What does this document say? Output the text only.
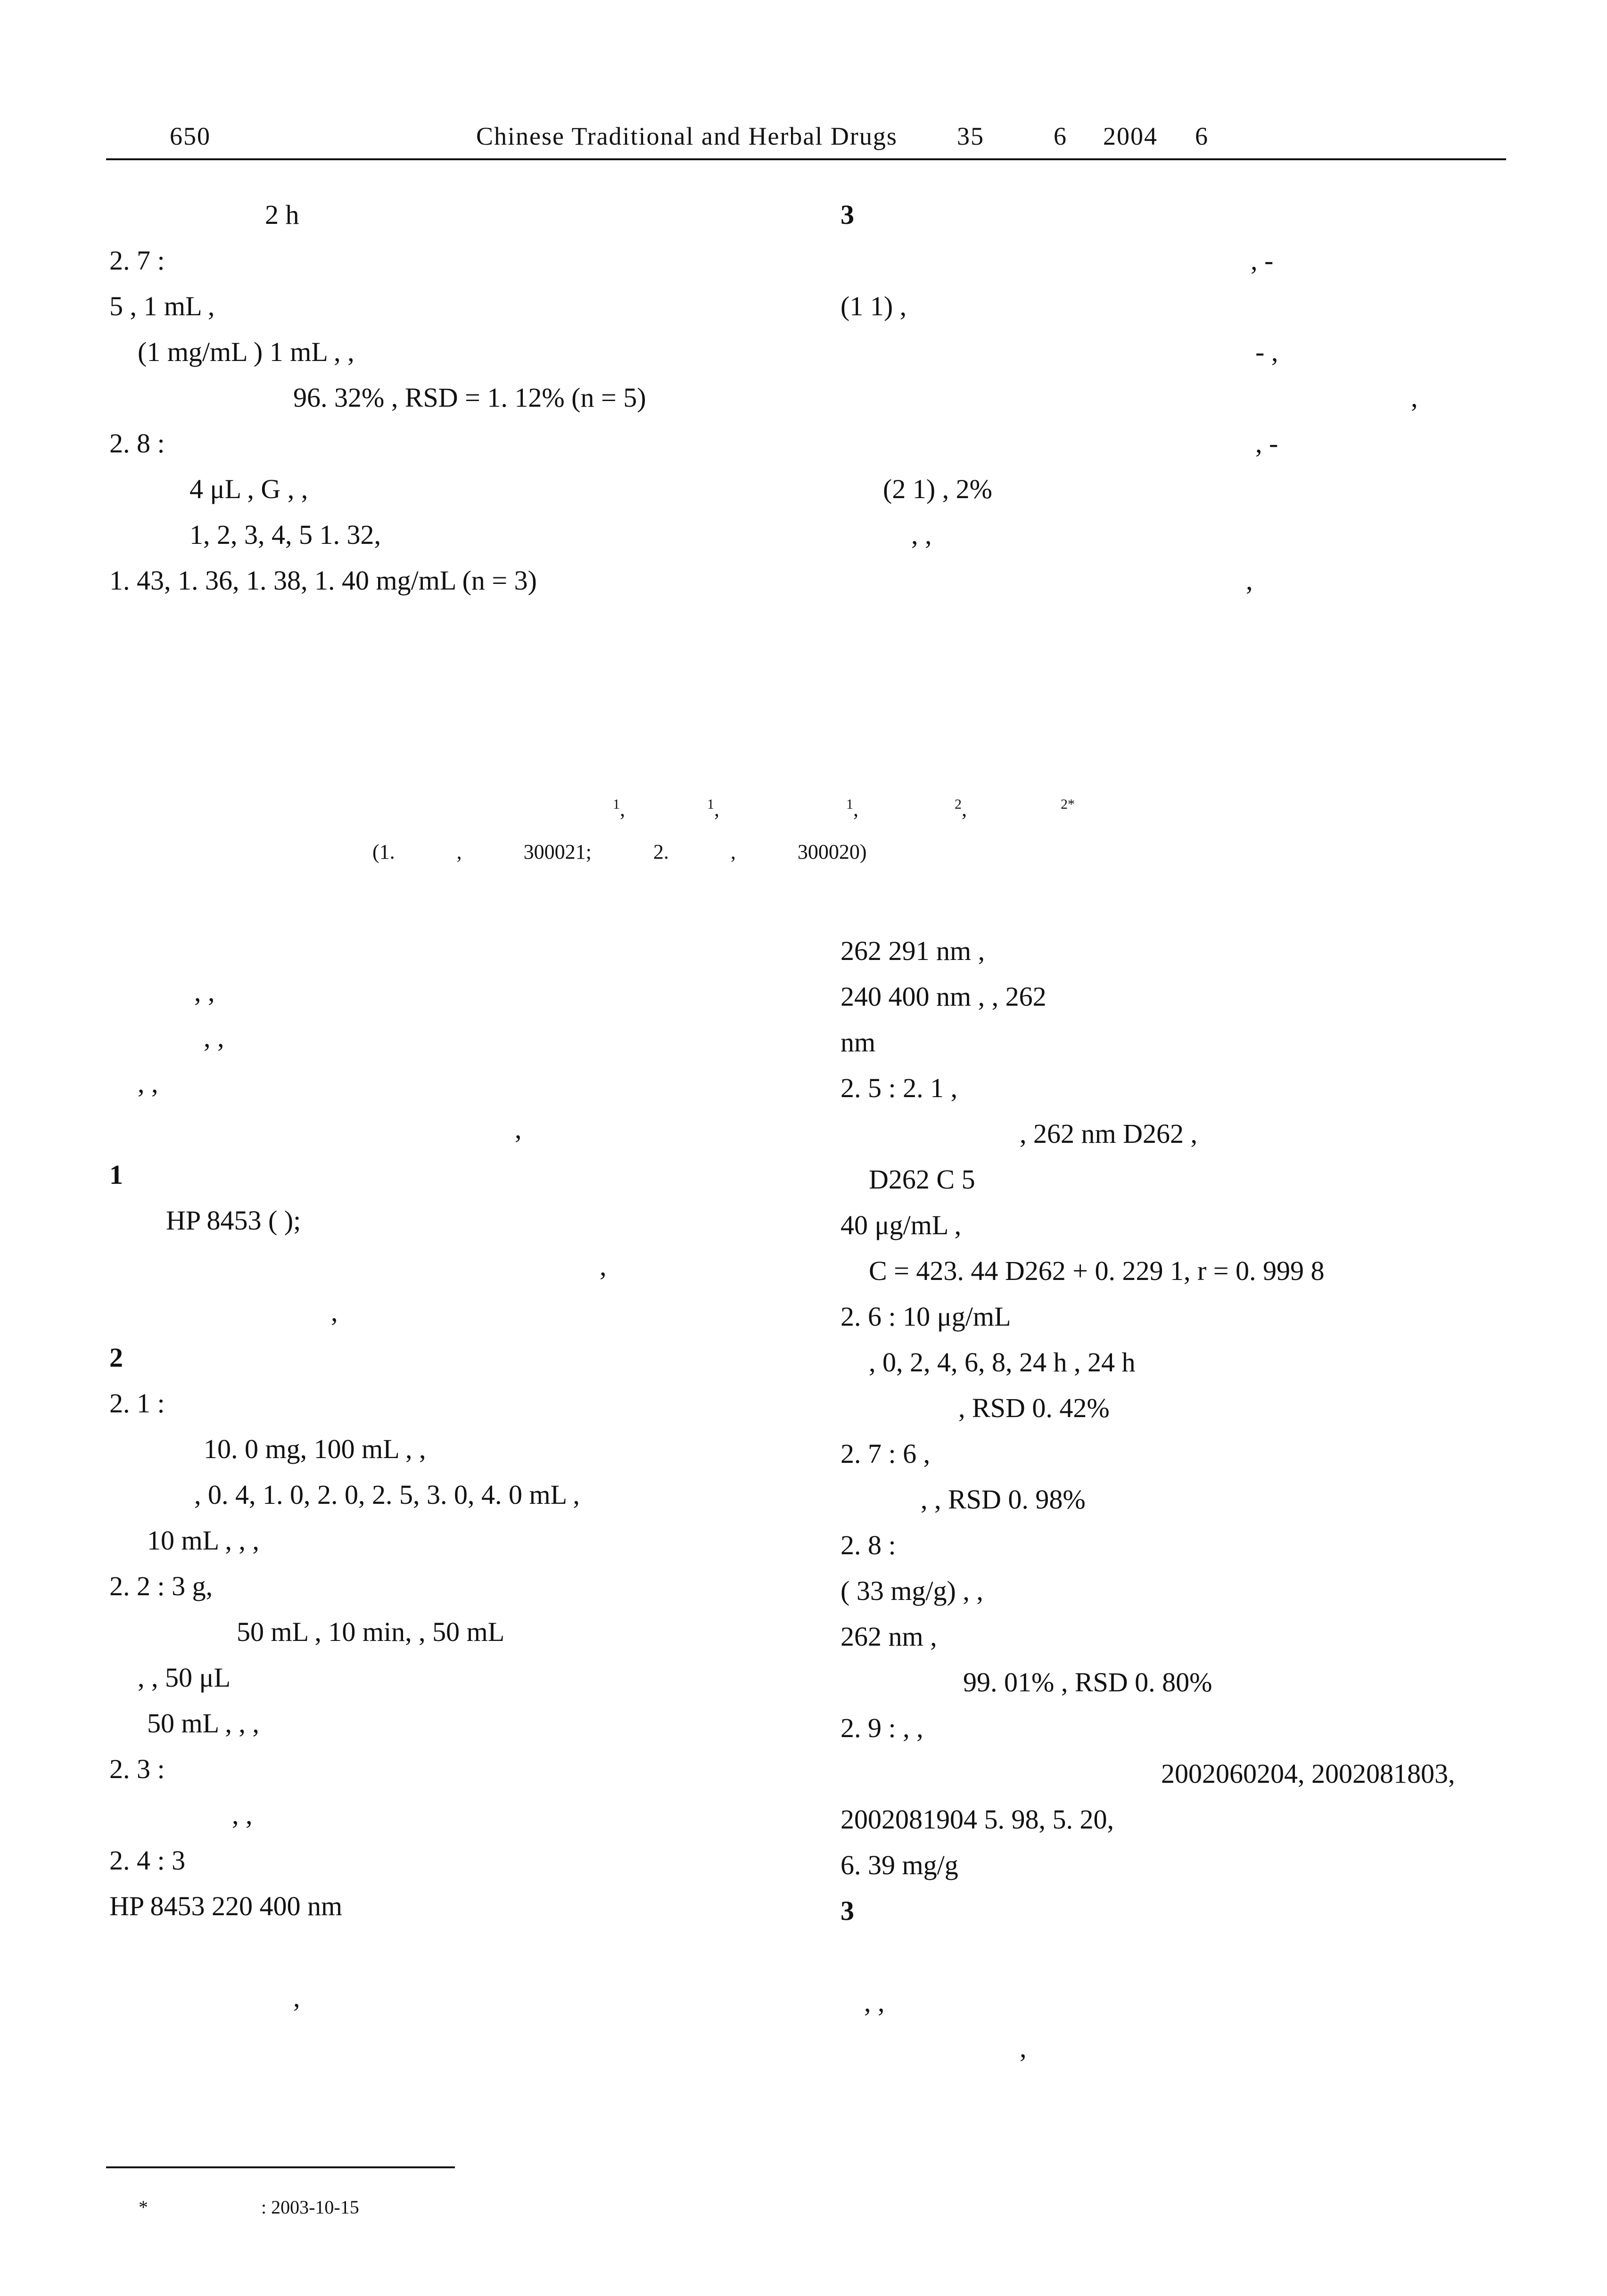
650	Chinese Traditional and Herbal Drugs 35	6 2004 6
2 h
2. 7 :
5 , 1 mL ,
(1 mg/mL ) 1 mL , ,
96. 32% , RSD = 1. 12% (n = 5)
2. 8 :
4 μL , G , ,
1, 2, 3, 4, 5 1. 32,
1. 43, 1. 36, 1. 38, 1. 40 mg/mL (n = 3)
3
, -
(1 1) ,
- ,
,
, -
(2 1) , 2%
, ,
,
$^1$,	$^1$,	$^1$,	$^2$,	$^{2*}$
(1. , 300021; 2. , 300020)
, ,
, ,
, ,
,
1
HP 8453 ( );
,
,
2
2. 1 :
10. 0 mg, 100 mL , ,
, 0. 4, 1. 0, 2. 0, 2. 5, 3. 0, 4. 0 mL ,
10 mL , , ,
2. 2 : 3 g,
50 mL , 10 min, , 50 mL
, , 50 μL
50 mL , , ,
2. 3 :
, ,
2. 4 : 3
HP 8453 220 400 nm
,
262 291 nm ,
240 400 nm , , 262
nm
2. 5 : 2. 1 ,
, 262 nm D262 ,
D262 C 5
40 μg/mL ,
C = 423. 44 D262 + 0. 229 1, r = 0. 999 8
2. 6 : 10 μg/mL
, 0, 2, 4, 6, 8, 24 h , 24 h
, RSD 0. 42%
2. 7 : 6 ,
, , RSD 0. 98%
2. 8 :
( 33 mg/g) , ,
262 nm ,
99. 01% , RSD 0. 80%
2. 9 : , ,
2002060204, 2002081803,
2002081904 5. 98, 5. 20,
6. 39 mg/g
3
, ,
,
*	: 2003-10-15
